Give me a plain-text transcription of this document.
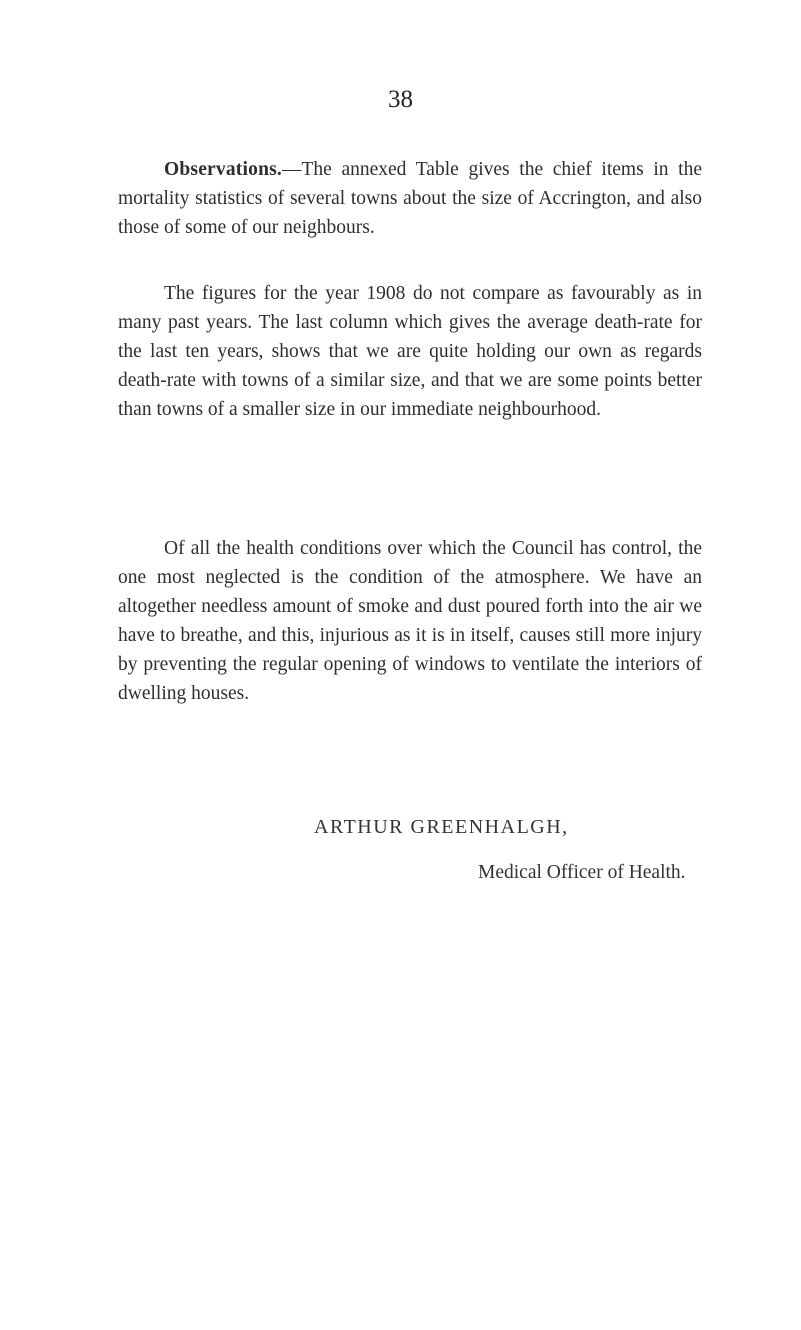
38
Observations.—The annexed Table gives the chief items in the mortality statistics of several towns about the size of Accrington, and also those of some of our neighbours.
The figures for the year 1908 do not compare as favourably as in many past years. The last column which gives the average death-rate for the last ten years, shows that we are quite holding our own as regards death-rate with towns of a similar size, and that we are some points better than towns of a smaller size in our immediate neighbourhood.
Of all the health conditions over which the Council has control, the one most neglected is the condition of the atmosphere. We have an altogether needless amount of smoke and dust poured forth into the air we have to breathe, and this, injurious as it is in itself, causes still more injury by preventing the regular opening of windows to ventilate the interiors of dwelling houses.
ARTHUR GREENHALGH,
Medical Officer of Health.
